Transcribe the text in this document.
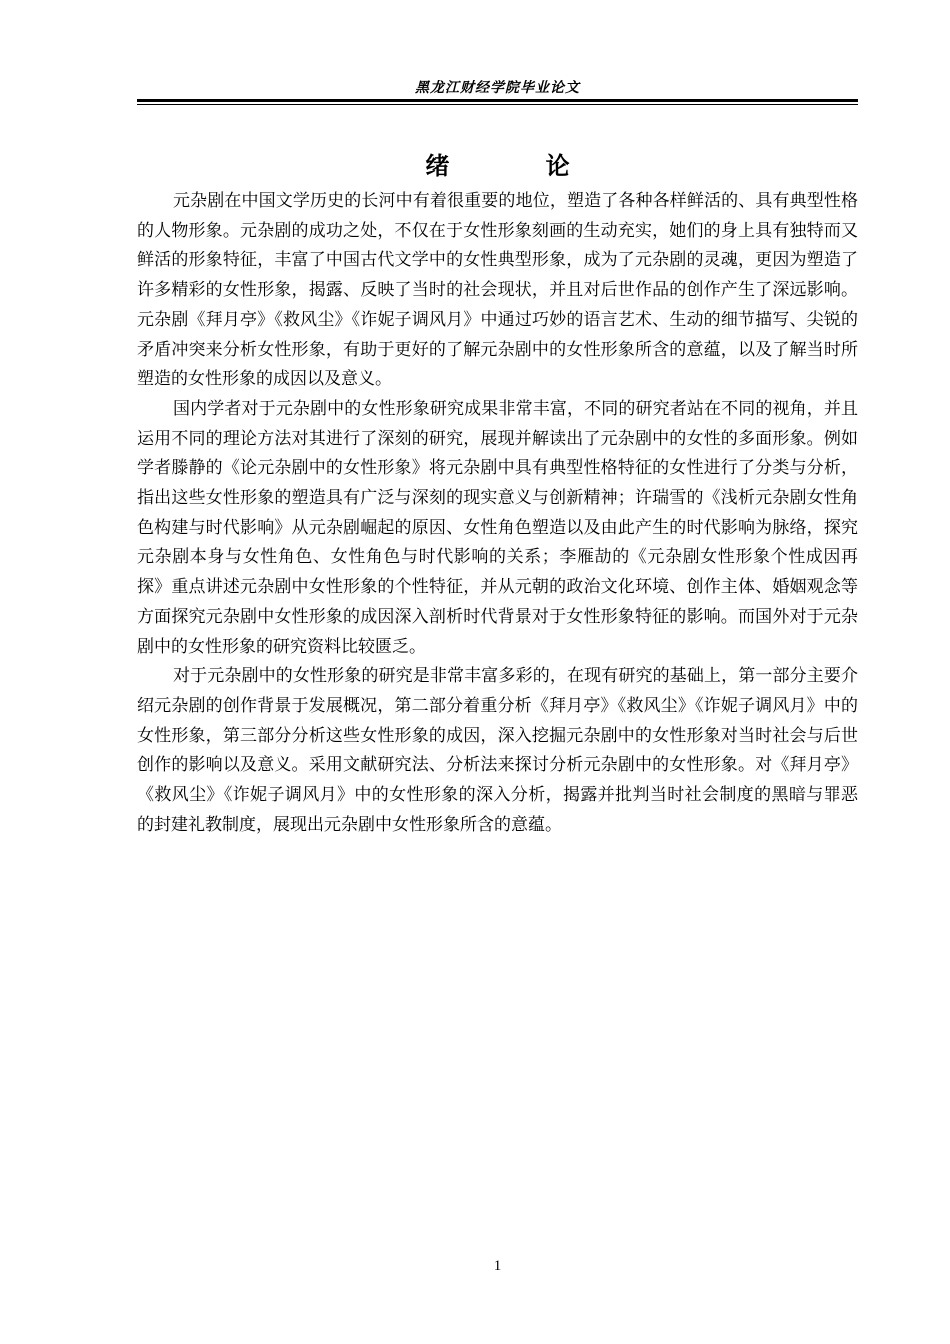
黑龙江财经学院毕业论文
绪 论

元杂剧在中国文学历史的长河中有着很重要的地位，塑造了各种各样鲜活的、具有典型性格的人物形象。元杂剧的成功之处，不仅在于女性形象刻画的生动充实，她们的身上具有独特而又鲜活的形象特征，丰富了中国古代文学中的女性典型形象，成为了元杂剧的灵魂，更因为塑造了许多精彩的女性形象，揭露、反映了当时的社会现状，并且对后世作品的创作产生了深远影响。元杂剧《拜月亭》《救风尘》《诈妮子调风月》中通过巧妙的语言艺术、生动的细节描写、尖锐的矛盾冲突来分析女性形象，有助于更好的了解元杂剧中的女性形象所含的意蕴，以及了解当时所塑造的女性形象的成因以及意义。

国内学者对于元杂剧中的女性形象研究成果非常丰富，不同的研究者站在不同的视角，并且运用不同的理论方法对其进行了深刻的研究，展现并解读出了元杂剧中的女性的多面形象。例如学者滕静的《论元杂剧中的女性形象》将元杂剧中具有典型性格特征的女性进行了分类与分析，指出这些女性形象的塑造具有广泛与深刻的现实意义与创新精神；许瑞雪的《浅析元杂剧女性角色构建与时代影响》从元杂剧崛起的原因、女性角色塑造以及由此产生的时代影响为脉络，探究元杂剧本身与女性角色、女性角色与时代影响的关系；李雁劼的《元杂剧女性形象个性成因再探》重点讲述元杂剧中女性形象的个性特征，并从元朝的政治文化环境、创作主体、婚姻观念等方面探究元杂剧中女性形象的成因深入剖析时代背景对于女性形象特征的影响。而国外对于元杂剧中的女性形象的研究资料比较匮乏。

对于元杂剧中的女性形象的研究是非常丰富多彩的，在现有研究的基础上，第一部分主要介绍元杂剧的创作背景于发展概况，第二部分着重分析《拜月亭》《救风尘》《诈妮子调风月》中的女性形象，第三部分分析这些女性形象的成因，深入挖掘元杂剧中的女性形象对当时社会与后世创作的影响以及意义。采用文献研究法、分析法来探讨分析元杂剧中的女性形象。对《拜月亭》《救风尘》《诈妮子调风月》中的女性形象的深入分析，揭露并批判当时社会制度的黑暗与罪恶的封建礼教制度，展现出元杂剧中女性形象所含的意蕴。

1
